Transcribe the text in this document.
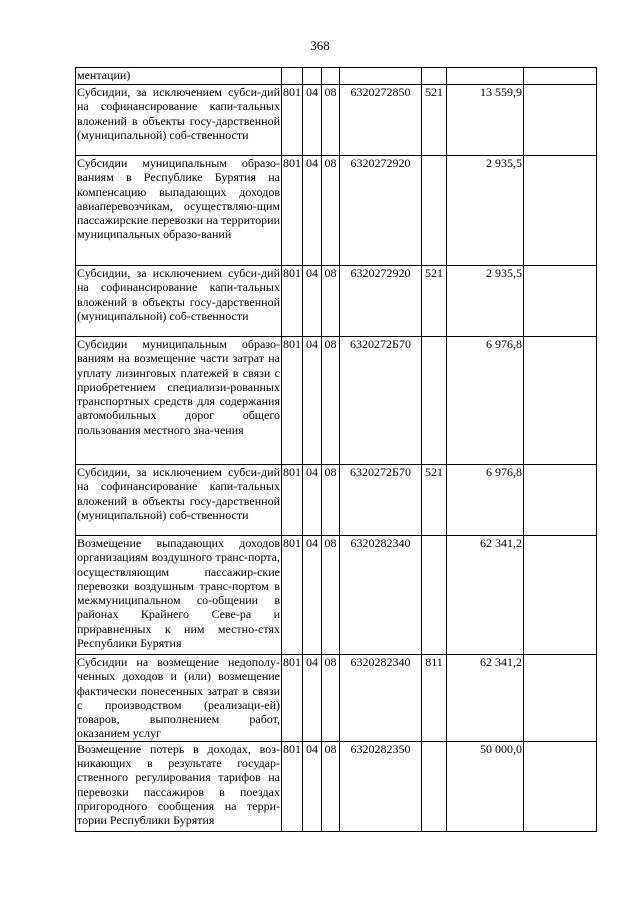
368
ментации)							
Субсидии, за исключением субси-дий на софинансирование капи-тальных вложений в объекты госу-дарственной (муниципальной) соб-ственности	801	04	08	6320272850	521	13 559,9	
Субсидии муниципальным образо-ваниям в Республике Бурятия на компенсацию выпадающих доходов авиаперевозчикам, осуществляю-щим пассажирские перевозки на территории муниципальных образо-ваний	801	04	08	6320272920		2 935,5	
Субсидии, за исключением субси-дий на софинансирование капи-тальных вложений в объекты госу-дарственной (муниципальной) соб-ственности	801	04	08	6320272920	521	2 935,5	
Субсидии муниципальным образо-ваниям на возмещение части затрат на уплату лизинговых платежей в связи с приобретением специализи-рованных транспортных средств для содержания автомобильных дорог общего пользования местного зна-чения	801	04	08	6320272Б70		6 976,8	
Субсидии, за исключением субси-дий на софинансирование капи-тальных вложений в объекты госу-дарственной (муниципальной) соб-ственности	801	04	08	6320272Б70	521	6 976,8	
Возмещение выпадающих доходов организациям воздушного транс-порта, осуществляющим пассажир-ские перевозки воздушным транс-портом в межмуниципальном со-общении в районах Крайнего Севе-ра и приравненных к ним местно-стях Республики Бурятия	801	04	08	6320282340		62 341,2	
Субсидии на возмещение недополу-ченных доходов и (или) возмещение фактически понесенных затрат в связи с производством (реализаци-ей) товаров, выполнением работ, оказанием услуг	801	04	08	6320282340	811	62 341,2	
Возмещение потерь в доходах, воз-никающих в результате государ-ственного регулирования тарифов на перевозки пассажиров в поездах пригородного сообщения на терри-тории Республики Бурятия	801	04	08	6320282350		50 000,0	
